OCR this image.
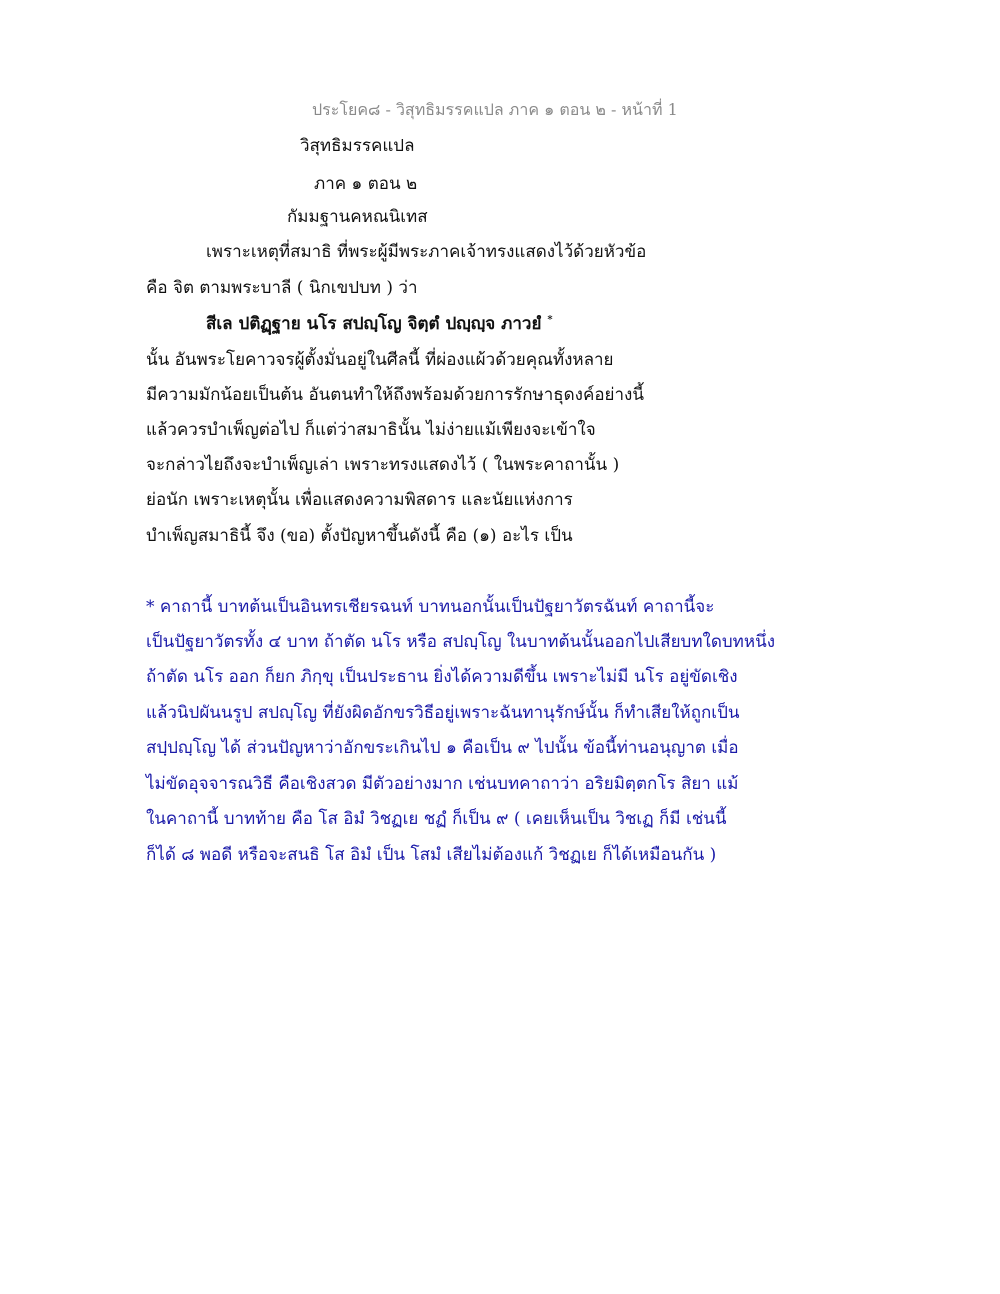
ประโยค๘ - วิสุทธิมรรคแปล ภาค ๑ ตอน ๒ - หน้าที่ 1
วิสุทธิมรรคแปล
ภาค ๑ ตอน ๒
กัมมฐานคหณนิเทส
เพราะเหตุที่สมาธิ ที่พระผู้มีพระภาคเจ้าทรงแสดงไว้ด้วยหัวข้อ
คือ จิต ตามพระบาลี ( นิกเขปบท ) ว่า
สีเล ปติฏฺฐาย นโร สปญฺโญ จิตฺตํ ปญฺญฺจ ภาวยํ *
นั้น อันพระโยคาวจรผู้ตั้งมั่นอยู่ในศีลนี้ ที่ผ่องแผ้วด้วยคุณทั้งหลาย
มีความมักน้อยเป็นต้น อันตนทำให้ถึงพร้อมด้วยการรักษาธุดงค์อย่างนี้
แล้วควรบำเพ็ญต่อไป ก็แต่ว่าสมาธินั้น ไม่ง่ายแม้เพียงจะเข้าใจ
จะกล่าวไยถึงจะบำเพ็ญเล่า เพราะทรงแสดงไว้ ( ในพระคาถานั้น )
ย่อนัก เพราะเหตุนั้น เพื่อแสดงความพิสดาร และนัยแห่งการ
บำเพ็ญสมาธินี้ จึง (ขอ) ตั้งปัญหาขึ้นดังนี้ คือ (๑) อะไร เป็น
* คาถานี้ บาทต้นเป็นอินทรเชียรฉนท์ บาทนอกนั้นเป็นปัฐยาวัตรฉันท์ คาถานี้จะ
เป็นปัฐยาวัตรทั้ง ๔ บาท ถ้าตัด นโร หรือ สปญฺโญ ในบาทต้นนั้นออกไปเสียบทใดบทหนึ่ง
ถ้าตัด นโร ออก ก็ยก ภิกฺขุ เป็นประธาน ยิ่งได้ความดีขึ้น เพราะไม่มี นโร อยู่ขัดเชิง
แล้วนิปผันนรูป สปญฺโญ ที่ยังผิดอักขรวิธีอยู่เพราะฉันทานุรักษ์นั้น ก็ทำเสียให้ถูกเป็น
สปฺปญฺโญ ได้ ส่วนปัญหาว่าอักขระเกินไป ๑ คือเป็น ๙ ไปนั้น ข้อนี้ท่านอนุญาต เมื่อ
ไม่ขัดอุจจารณวิธี คือเชิงสวด มีตัวอย่างมาก เช่นบทคาถาว่า อริยมิตฺตกโร สิยา แม้
ในคาถานี้ บาทท้าย คือ โส อิมํ วิชฏเย ชฏํ ก็เป็น ๙ ( เคยเห็นเป็น วิชเฏ ก็มี เช่นนี้
ก็ได้ ๘ พอดี หรือจะสนธิ โส อิมํ เป็น โสมํ เสียไม่ต้องแก้ วิชฏเย ก็ได้เหมือนกัน )
